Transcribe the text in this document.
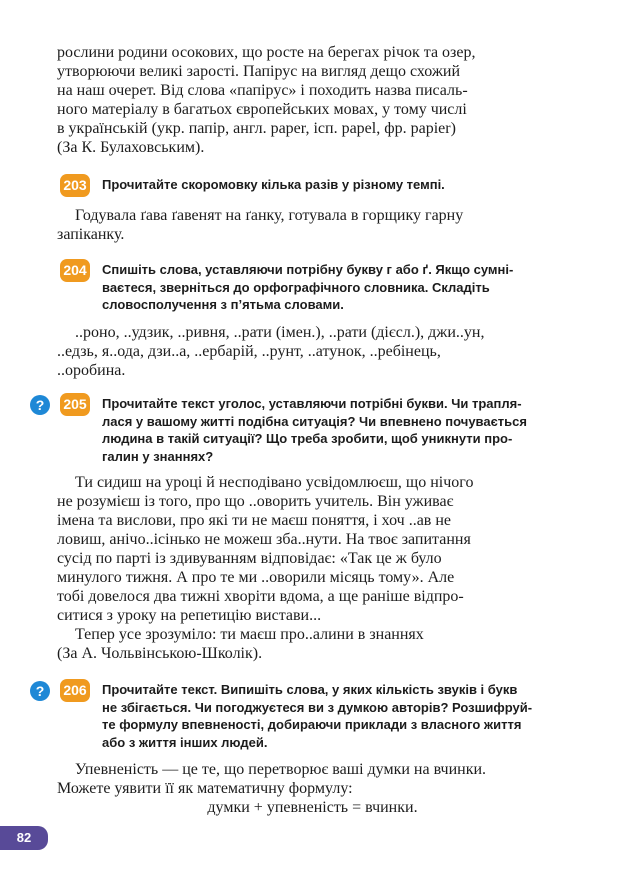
рослини родини осокових, що росте на берегах річок та озер,
утворюючи великі зарості. Папірус на вигляд дещо схожий
на наш очерет. Від слова «папірус» і походить назва писаль-
ного матеріалу в багатьох європейських мовах, у тому числі
в українській (укр. папір, англ. paper, ісп. papel, фр. papier)
(За К. Булаховським).
203 Прочитайте скоромовку кілька разів у різному темпі.
Годувала ґава ґавенят на ґанку, готувала в горщику гарну
запіканку.
204 Спишіть слова, уставляючи потрібну букву г або ґ. Якщо сумні-
ваєтеся, зверніться до орфографічного словника. Складіть
словосполучення з п’ятьма словами.
..роно, ..удзик, ..ривня, ..рати (імен.), ..рати (дієсл.), джи..ун,
..едзь, я..ода, дзи..а, ..ербарій, ..рунт, ..атунок, ..ребінець,
..оробина.
?	205 Прочитайте текст уголос, уставляючи потрібні букви. Чи трапля-
лася у вашому житті подібна ситуація? Чи впевнено почувається
людина в такій ситуації? Що треба зробити, щоб уникнути про-
галин у знаннях?
Ти сидиш на уроці й несподівано усвідомлюєш, що нічого
не розумієш із того, про що ..оворить учитель. Він уживає
імена та вислови, про які ти не маєш поняття, і хоч ..ав не
ловиш, анічо..ісінько не можеш зба..нути. На твоє запитання
сусід по парті із здивуванням відповідає: «Так це ж було
минулого тижня. А про те ми ..оворили місяць тому». Але
тобі довелося два тижні хворіти вдома, а ще раніше відпро-
ситися з уроку на репетицію вистави...
Тепер усе зрозуміло: ти маєш про..алини в знаннях
(За А. Чольвінською-Школік).
?	206 Прочитайте текст. Випишіть слова, у яких кількість звуків і букв
не збігається. Чи погоджуєтеся ви з думкою авторів? Розшифруй-
те формулу впевненості, добираючи приклади з власного життя
або з життя інших людей.
Упевненість — це те, що перетворює ваші думки на вчинки.
Можете уявити її як математичну формулу:
думки + упевненість = вчинки.
82
